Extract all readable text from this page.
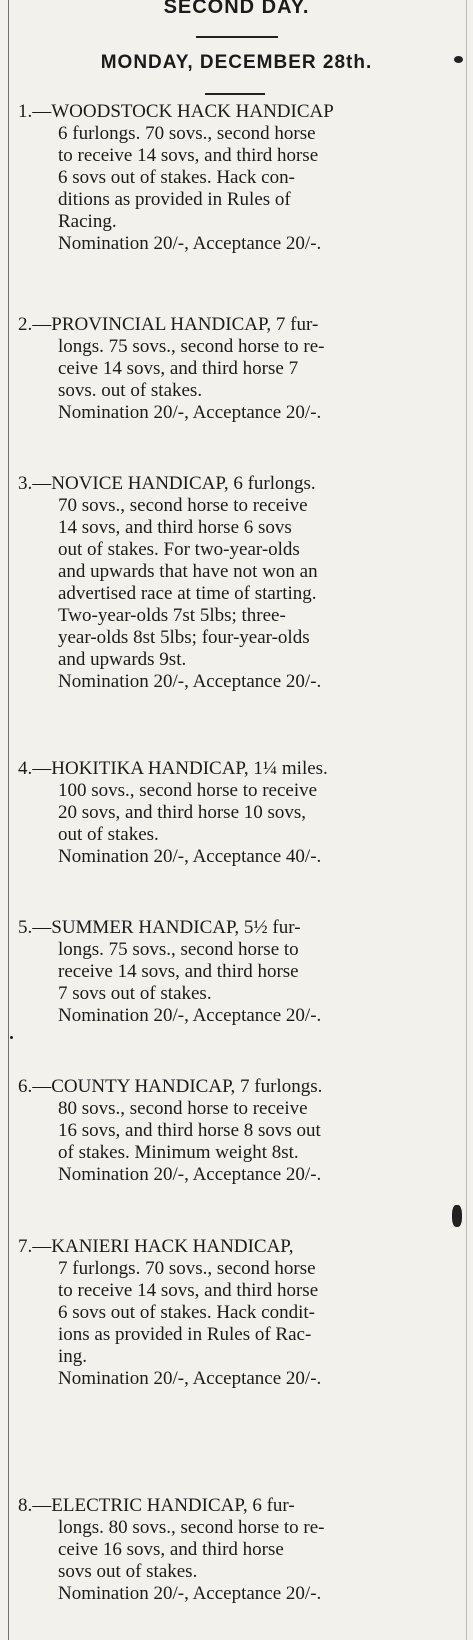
SECOND DAY.
MONDAY, DECEMBER 28th.
1.—WOODSTOCK HACK HANDICAP
6 furlongs. 70 sovs., second horse
to receive 14 sovs, and third horse
6 sovs out of stakes. Hack con-
ditions as provided in Rules of
Racing.
Nomination 20/-, Acceptance 20/-.
2.—PROVINCIAL HANDICAP, 7 fur-
longs. 75 sovs., second horse to re-
ceive 14 sovs, and third horse 7
sovs. out of stakes.
Nomination 20/-, Acceptance 20/-.
3.—NOVICE HANDICAP, 6 furlongs.
70 sovs., second horse to receive
14 sovs, and third horse 6 sovs
out of stakes. For two-year-olds
and upwards that have not won an
advertised race at time of starting.
Two-year-olds 7st 5lbs; three-
year-olds 8st 5lbs; four-year-olds
and upwards 9st.
Nomination 20/-, Acceptance 20/-.
4.—HOKITIKA HANDICAP, 1¼ miles.
100 sovs., second horse to receive
20 sovs, and third horse 10 sovs,
out of stakes.
Nomination 20/-, Acceptance 40/-.
5.—SUMMER HANDICAP, 5½ fur-
longs. 75 sovs., second horse to
receive 14 sovs, and third horse
7 sovs out of stakes.
Nomination 20/-, Acceptance 20/-.
6.—COUNTY HANDICAP, 7 furlongs.
80 sovs., second horse to receive
16 sovs, and third horse 8 sovs out
of stakes. Minimum weight 8st.
Nomination 20/-, Acceptance 20/-.
7.—KANIERI HACK HANDICAP,
7 furlongs. 70 sovs., second horse
to receive 14 sovs, and third horse
6 sovs out of stakes. Hack condit-
ions as provided in Rules of Rac-
ing.
Nomination 20/-, Acceptance 20/-.
8.—ELECTRIC HANDICAP, 6 fur-
longs. 80 sovs., second horse to re-
ceive 16 sovs, and third horse
sovs out of stakes.
Nomination 20/-, Acceptance 20/-.
